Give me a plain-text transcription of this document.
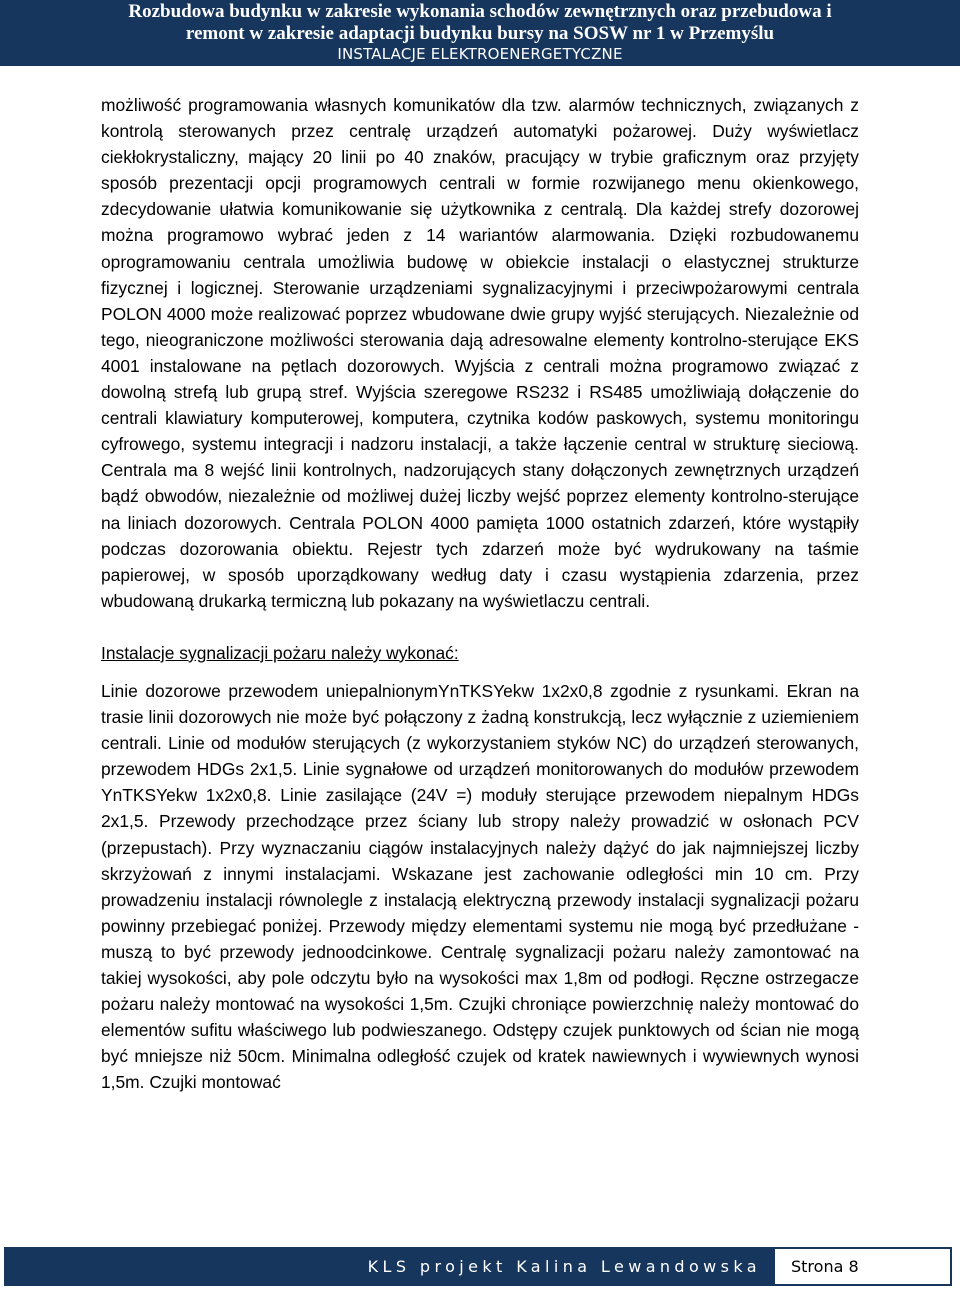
Rozbudowa budynku w zakresie wykonania schodów zewnętrznych oraz przebudowa i
remont w zakresie adaptacji budynku bursy na SOSW nr 1 w Przemyślu
INSTALACJE ELEKTROENERGETYCZNE

możliwość programowania własnych komunikatów dla tzw. alarmów technicznych, związanych z kontrolą sterowanych przez centralę urządzeń automatyki pożarowej. Duży wyświetlacz ciekłokrystaliczny, mający 20 linii po 40 znaków, pracujący w trybie graficznym oraz przyjęty sposób prezentacji opcji programowych centrali w formie rozwijanego menu okienkowego, zdecydowanie ułatwia komunikowanie się użytkownika z centralą. Dla każdej strefy dozorowej można programowo wybrać jeden z 14 wariantów alarmowania. Dzięki rozbudowanemu oprogramowaniu centrala umożliwia budowę w obiekcie instalacji o elastycznej strukturze fizycznej i logicznej. Sterowanie urządzeniami sygnalizacyjnymi i przeciwpożarowymi centrala POLON 4000 może realizować poprzez wbudowane dwie grupy wyjść sterujących. Niezależnie od tego, nieograniczone możliwości sterowania dają adresowalne elementy kontrolno-sterujące EKS 4001 instalowane na pętlach dozorowych. Wyjścia z centrali można programowo związać z dowolną strefą lub grupą stref. Wyjścia szeregowe RS232 i RS485 umożliwiają dołączenie do centrali klawiatury komputerowej, komputera, czytnika kodów paskowych, systemu monitoringu cyfrowego, systemu integracji i nadzoru instalacji, a także łączenie central w strukturę sieciową. Centrala ma 8 wejść linii kontrolnych, nadzorujących stany dołączonych zewnętrznych urządzeń bądź obwodów, niezależnie od możliwej dużej liczby wejść poprzez elementy kontrolno-sterujące na liniach dozorowych. Centrala POLON 4000 pamięta 1000 ostatnich zdarzeń, które wystąpiły podczas dozorowania obiektu. Rejestr tych zdarzeń może być wydrukowany na taśmie papierowej, w sposób uporządkowany według daty i czasu wystąpienia zdarzenia, przez wbudowaną drukarką termiczną lub pokazany na wyświetlaczu centrali.

Instalacje sygnalizacji pożaru należy wykonać:

Linie dozorowe przewodem uniepalnionymYnTKSYekw 1x2x0,8 zgodnie z rysunkami. Ekran na trasie linii dozorowych nie może być połączony z żadną konstrukcją, lecz wyłącznie z uziemieniem centrali. Linie od modułów sterujących (z wykorzystaniem styków NC) do urządzeń sterowanych, przewodem HDGs 2x1,5. Linie sygnałowe od urządzeń monitorowanych do modułów przewodem YnTKSYekw 1x2x0,8. Linie zasilające (24V =) moduły sterujące przewodem niepalnym HDGs 2x1,5. Przewody przechodzące przez ściany lub stropy należy prowadzić w osłonach PCV (przepustach). Przy wyznaczaniu ciągów instalacyjnych należy dążyć do jak najmniejszej liczby skrzyżowań z innymi instalacjami. Wskazane jest zachowanie odległości min 10 cm. Przy prowadzeniu instalacji równolegle z instalacją elektryczną przewody instalacji sygnalizacji pożaru powinny przebiegać poniżej. Przewody między elementami systemu nie mogą być przedłużane - muszą to być przewody jednoodcinkowe. Centralę sygnalizacji pożaru należy zamontować na takiej wysokości, aby pole odczytu było na wysokości max 1,8m od podłogi. Ręczne ostrzegacze pożaru należy montować na wysokości 1,5m. Czujki chroniące powierzchnię należy montować do elementów sufitu właściwego lub podwieszanego. Odstępy czujek punktowych od ścian nie mogą być mniejsze niż 50cm. Minimalna odległość czujek od kratek nawiewnych i wywiewnych wynosi 1,5m. Czujki montować

KLS projekt Kalina Lewandowska	Strona 8
